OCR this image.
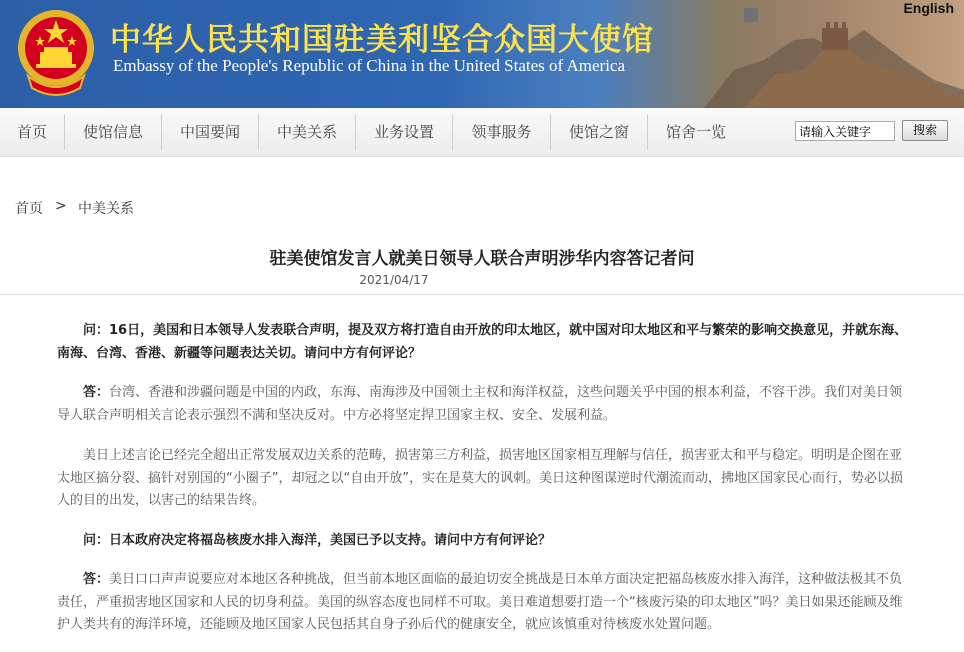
中华人民共和国驻美利坚合众国大使馆
Embassy of the People's Republic of China in the United States of America
English
首页	使馆信息	中国要闻	中美关系	业务设置	领事服务	使馆之窗	馆舍一览	请输入关键字	搜索
首页 > 中美关系
驻美使馆发言人就美日领导人联合声明涉华内容答记者问
2021/04/17
问：16日，美国和日本领导人发表联合声明，提及双方将打造自由开放的印太地区，就中国对印太地区和平与繁荣的影响交换意见，并就东海、南海、台湾、香港、新疆等问题表达关切。请问中方有何评论？
答：台湾、香港和涉疆问题是中国的内政，东海、南海涉及中国领土主权和海洋权益，这些问题关乎中国的根本利益，不容干涉。我们对美日领导人联合声明相关言论表示强烈不满和坚决反对。中方必将坚定捍卫国家主权、安全、发展利益。
美日上述言论已经完全超出正常发展双边关系的范畴，损害第三方利益，损害地区国家相互理解与信任，损害亚太和平与稳定。明明是企图在亚太地区搞分裂、搞针对别国的“小圈子”，却冠之以“自由开放”，实在是莫大的讽刺。美日这种图谋逆时代潮流而动，拂地区国家民心而行，势必以损人的目的出发，以害己的结果告终。
问：日本政府决定将福岛核废水排入海洋，美国已予以支持。请问中方有何评论？
答：美日口口声声说要应对本地区各种挑战，但当前本地区面临的最迫切安全挑战是日本单方面决定把福岛核废水排入海洋，这种做法极其不负责任，严重损害地区国家和人民的切身利益。美国的纵容态度也同样不可取。美日难道想要打造一个“核废污染的印太地区”吗？美日如果还能顾及维护人类共有的海洋环境，还能顾及地区国家人民包括其自身子孙后代的健康安全，就应该慎重对待核废水处置问题。
